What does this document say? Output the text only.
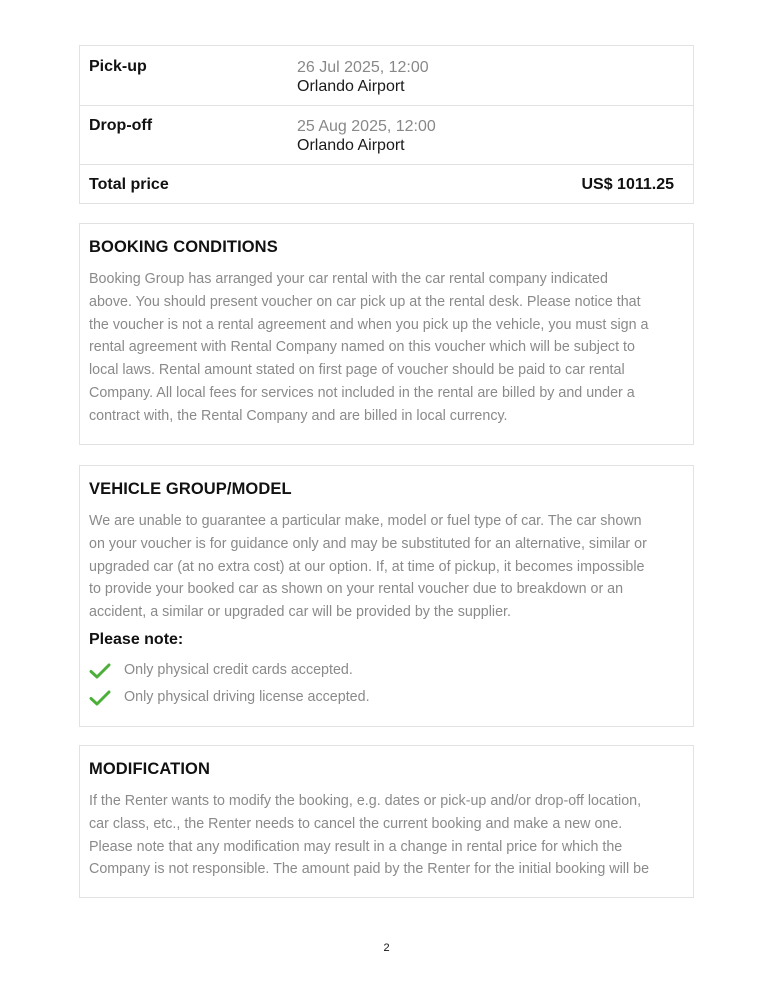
Pick-up	26 Jul 2025, 12:00
Orlando Airport
Drop-off	25 Aug 2025, 12:00
Orlando Airport
Total price	US$ 1011.25
BOOKING CONDITIONS
Booking Group has arranged your car rental with the car rental company indicated
above. You should present voucher on car pick up at the rental desk. Please notice that
the voucher is not a rental agreement and when you pick up the vehicle, you must sign a
rental agreement with Rental Company named on this voucher which will be subject to
local laws. Rental amount stated on first page of voucher should be paid to car rental
Company. All local fees for services not included in the rental are billed by and under a
contract with, the Rental Company and are billed in local currency.
VEHICLE GROUP/MODEL
We are unable to guarantee a particular make, model or fuel type of car. The car shown
on your voucher is for guidance only and may be substituted for an alternative, similar or
upgraded car (at no extra cost) at our option. If, at time of pickup, it becomes impossible
to provide your booked car as shown on your rental voucher due to breakdown or an
accident, a similar or upgraded car will be provided by the supplier.
Please note:
Only physical credit cards accepted.
Only physical driving license accepted.
MODIFICATION
If the Renter wants to modify the booking, e.g. dates or pick-up and/or drop-off location,
car class, etc., the Renter needs to cancel the current booking and make a new one.
Please note that any modification may result in a change in rental price for which the
Company is not responsible. The amount paid by the Renter for the initial booking will be
2
